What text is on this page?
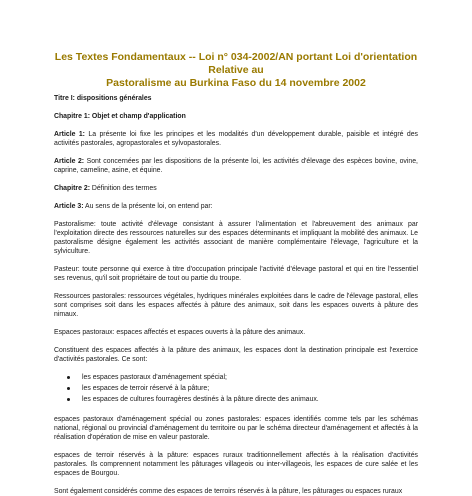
Les Textes Fondamentaux -- Loi n° 034-2002/AN portant Loi d'orientation Relative au
Pastoralisme au Burkina Faso du 14 novembre 2002

Titre I: dispositions générales

Chapitre 1: Objet et champ d'application

Article 1: La présente loi fixe les principes et les modalités d'un développement durable, paisible et intégré des activités pastorales, agropastorales et sylvopastorales.

Article 2: Sont concernées par les dispositions de la présente loi, les activités d'élevage des espèces bovine, ovine, caprine, cameline, asine, et équine.

Chapitre 2: Définition des termes

Article 3: Au sens de la présente loi, on entend par:

Pastoralisme: toute activité d'élevage consistant à assurer l'alimentation et l'abreuvement des animaux par l'exploitation directe des ressources naturelles sur des espaces déterminants et impliquant la mobilité des animaux. Le pastoralisme désigne également les activités associant de manière complémentaire l'élevage, l'agriculture et la sylviculture.

Pasteur: toute personne qui exerce à titre d'occupation principale l'activité d'élevage pastoral et qui en tire l'essentiel ses revenus, qu'il soit propriétaire de tout ou partie du troupe.

Ressources pastorales: ressources végétales, hydriques minérales exploitées dans le cadre de l'élevage pastoral, elles sont comprises soit dans les espaces affectés à pâture des animaux, soit dans les espaces ouverts à pâture des nimaux.

Espaces pastoraux: espaces affectés et espaces ouverts à la pâture des animaux.

Constituent des espaces affectés à la pâture des animaux, les espaces dont la destination principale est l'exercice d'activités pastorales. Ce sont:

les espaces pastoraux d'aménagement spécial;
les espaces de terroir réservé à la pâture;
les espaces de cultures fourragères destinés à la pâture directe des animaux.

espaces pastoraux d'aménagement spécial ou zones pastorales: espaces identifiés comme tels par les schémas national, régional ou provincial d'aménagement du territoire ou par le schéma directeur d'aménagement et affectés à la réalisation d'opération de mise en valeur pastorale.

espaces de terroir réservés à la pâture: espaces ruraux traditionnellement affectés à la réalisation d'activités pastorales. Ils comprennent notamment les pâturages villageois ou inter-villageois, les espaces de cure salée et les espaces de Bourgou.

Sont également considérés comme des espaces de terroirs réservés à la pâture, les pâturages ou espaces ruraux
